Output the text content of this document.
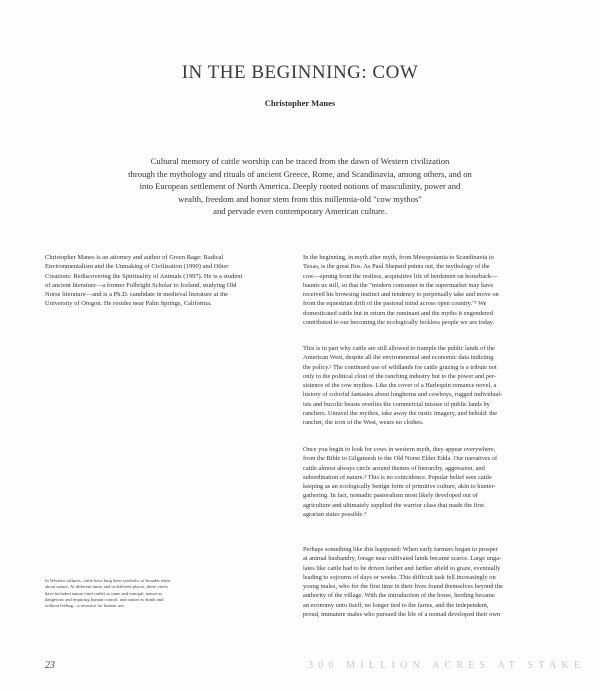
IN THE BEGINNING: COW
Christopher Manes
Cultural memory of cattle worship can be traced from the dawn of Western civilization
through the mythology and rituals of ancient Greece, Rome, and Scandinavia, among others, and on
into European settlement of North America. Deeply rooted notions of masculinity, power and
wealth, freedom and honor stem from this millennia-old "cow mythos"
and pervade even contemporary American culture.
Christopher Manes is an attorney and author of Green Rage: Radical
Environmentalism and the Unmaking of Civilization (1990) and Other
Creations: Rediscovering the Spirituality of Animals (1997). He is a student
of ancient literature—a former Fulbright Scholar to Iceland, studying Old
Norse literature—and is a Ph.D. candidate in medieval literature at the
University of Oregon. He resides near Palm Springs, California.
In Western cultures, cattle have long been symbolic of broader ideas
about nature. At different times and in different places, these views
have included nature (and cattle) as tame and tranquil, nature as
dangerous and requiring human control, and nature as dumb and
without feeling—a resource for human use.
In the beginning, in myth after myth, from Mesopotamia to Scandinavia to
Texas, is the great Bos. As Paul Shepard points out, the mythology of the
cow—sprung from the restless, acquisitive life of herdsmen on horseback—
haunts us still, so that the "modern consumer in the supermarket may have
received his browsing instinct and tendency to perpetually take and move on
from the equestrian drift of the pastoral mind across open country."¹ We
domesticated cattle but in return the ruminant and the myths it engendered
contributed to our becoming the ecologically feckless people we are today.
This is in part why cattle are still allowed to trample the public lands of the
American West, despite all the environmental and economic data indicting
the policy.² The continued use of wildlands for cattle grazing is a tribute not
only to the political clout of the ranching industry but to the power and per-
sistence of the cow mythos. Like the cover of a Harlequin romance novel, a
history of colorful fantasies about longhorns and cowboys, rugged individual-
ists and bucolic beasts overlies the commercial misuse of public lands by
ranchers. Unravel the mythos, take away the rustic imagery, and behold: the
rancher, the icon of the West, wears no clothes.
Once you begin to look for cows in western myth, they appear everywhere,
from the Bible to Gilgamesh to the Old Norse Elder Edda. Our narratives of
cattle almost always circle around themes of hierarchy, aggression, and
subordination of nature.³ This is no coincidence. Popular belief sees cattle
keeping as an ecologically benign form of primitive culture, akin to hunter-
gathering. In fact, nomadic pastoralism most likely developed out of
agriculture and ultimately supplied the warrior class that made the first
agrarian states possible.⁴
Perhaps something like this happened: When early farmers began to prosper
at animal husbandry, forage near cultivated lands became scarce. Large unga-
lates like cattle had to be driven farther and farther afield to graze, eventually
leading to sojourns of days or weeks. This difficult task fell increasingly on
young males, who for the first time in their lives found themselves beyond the
authority of the village. With the introduction of the horse, herding became
an economy unto itself, no longer tied to the farms, and the independent,
proud, immature males who pursued the life of a nomad developed their own
23	300 MILLION ACRES AT STAKE
